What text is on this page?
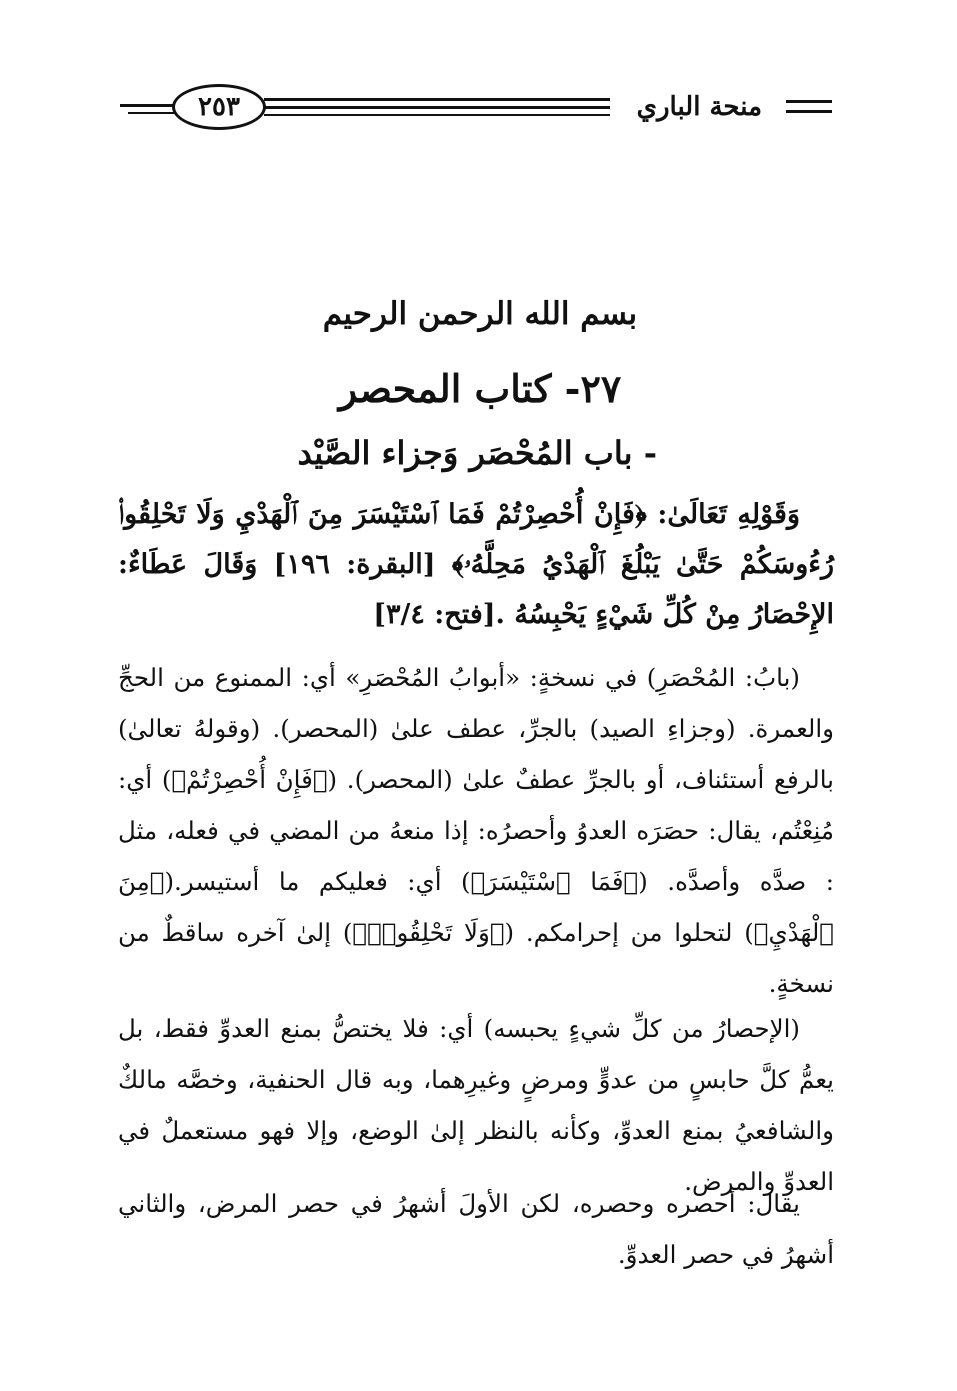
٢٥٣	منحة الباري
بسم الله الرحمن الرحيم
٢٧- كتاب المحصر
- باب المُحْصَر وَجزاء الصَّيْد

وَقَوْلِهِ تَعَالَىٰ: ﴿فَإِنْ أُحْصِرْتُمْ فَمَا ٱسْتَيْسَرَ مِنَ ٱلْهَدْيِ وَلَا تَحْلِقُوا۟ رُءُوسَكُمْ حَتَّىٰ يَبْلُغَ ٱلْهَدْيُ مَحِلَّهُۥ﴾ [البقرة: ١٩٦] وَقَالَ عَطَاءٌ: الإِحْصَارُ مِنْ كُلِّ شَيْءٍ يَحْبِسُهُ .[فتح: ٣/٤]

(بابُ: المُحْصَرِ) في نسخةٍ: «أبوابُ المُحْصَرِ» أي: الممنوع من الحجِّ والعمرة. (وجزاءِ الصيد) بالجرِّ، عطف علىٰ (المحصر). (وقولهُ تعالىٰ) بالرفع أستئناف، أو بالجرِّ عطفٌ علىٰ (المحصر). (﴿فَإِنْ أُحْصِرْتُمْ﴾) أي: مُنِعْتُم، يقال: حصَرَه العدوُ وأحصرُه: إذا منعهُ من المضي في فعله، مثل : صدَّه وأصدَّه. (﴿فَمَا ٱسْتَيْسَرَ﴾) أي: فعليكم ما أستيسر.(﴿مِنَ ٱلْهَدْيِ﴾) لتحلوا من إحرامكم. (﴿وَلَا تَحْلِقُوا۟﴾) إلىٰ آخره ساقطٌ من نسخةٍ.

(الإحصارُ من كلِّ شيءٍ يحبسه) أي: فلا يختصُّ بمنع العدوِّ فقط، بل يعمُّ كلَّ حابسٍ من عدوٍّ ومرضٍ وغيرِهما، وبه قال الحنفية، وخصَّه مالكٌ والشافعيُ بمنع العدوِّ، وكأنه بالنظر إلىٰ الوضع، وإلا فهو مستعملٌ في العدوِّ والمرض.

يقال: أحصره وحصره، لكن الأولَ أشهرُ في حصر المرض، والثاني أشهرُ في حصر العدوِّ.
